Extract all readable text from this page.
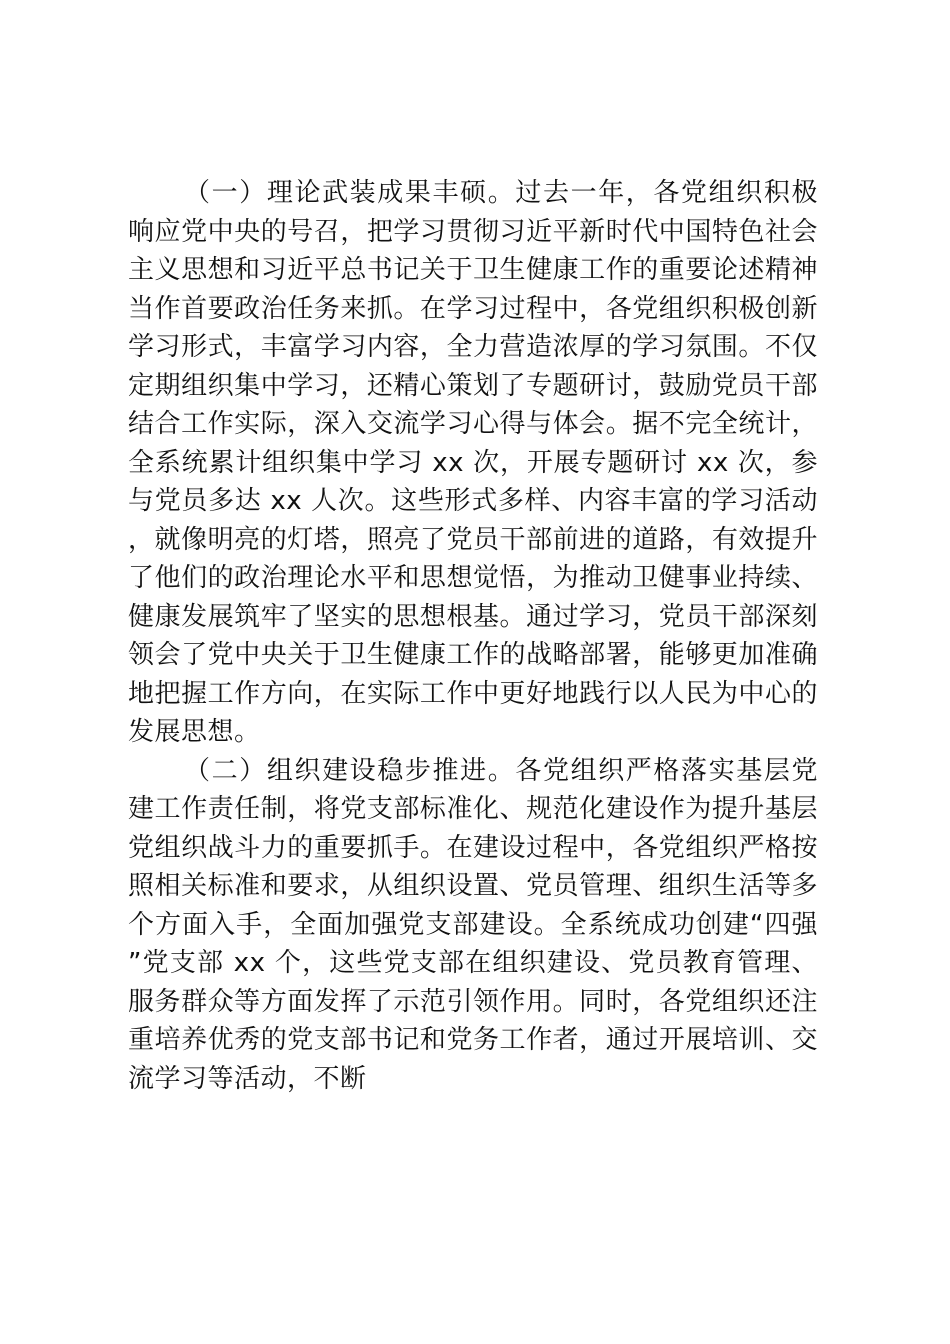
（一）理论武装成果丰硕。过去一年，各党组织积极响应党中央的号召，把学习贯彻习近平新时代中国特色社会主义思想和习近平总书记关于卫生健康工作的重要论述精神当作首要政治任务来抓。在学习过程中，各党组织积极创新学习形式，丰富学习内容，全力营造浓厚的学习氛围。不仅定期组织集中学习，还精心策划了专题研讨，鼓励党员干部结合工作实际，深入交流学习心得与体会。据不完全统计，全系统累计组织集中学习 xx 次，开展专题研讨 xx 次，参与党员多达 xx 人次。这些形式多样、内容丰富的学习活动，就像明亮的灯塔，照亮了党员干部前进的道路，有效提升了他们的政治理论水平和思想觉悟，为推动卫健事业持续、健康发展筑牢了坚实的思想根基。通过学习，党员干部深刻领会了党中央关于卫生健康工作的战略部署，能够更加准确地把握工作方向，在实际工作中更好地践行以人民为中心的发展思想。

（二）组织建设稳步推进。各党组织严格落实基层党建工作责任制，将党支部标准化、规范化建设作为提升基层党组织战斗力的重要抓手。在建设过程中，各党组织严格按照相关标准和要求，从组织设置、党员管理、组织生活等多个方面入手，全面加强党支部建设。全系统成功创建“四强”党支部 xx 个，这些党支部在组织建设、党员教育管理、服务群众等方面发挥了示范引领作用。同时，各党组织还注重培养优秀的党支部书记和党务工作者，通过开展培训、交流学习等活动，不断
